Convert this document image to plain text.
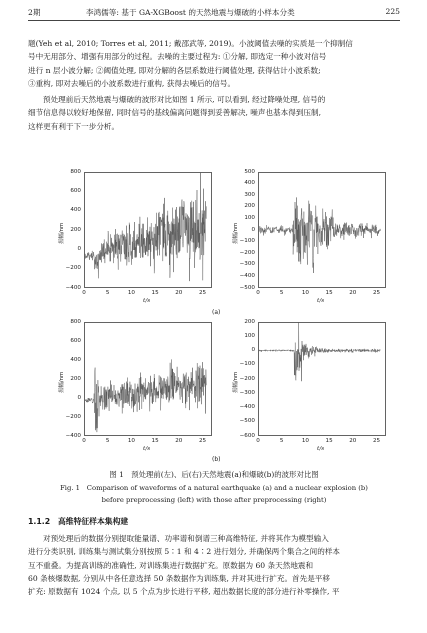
2期	李鸿儒等: 基于 GA-XGBoost 的天然地震与爆破的小样本分类	225

题(Yeh et al, 2010; Torres et al, 2011; 戴邵武等, 2019)。小波阈值去噪的实质是一个抑制信
号中无用部分、增强有用部分的过程。去噪的主要过程为: ①分解, 即选定一种小波对信号
进行 n 层小波分解; ②阈值处理, 即对分解的各层系数进行阈值处理, 获得估计小波系数;
③重构, 即对去噪后的小波系数进行重构, 获得去噪后的信号。

预处理前后天然地震与爆破的波形对比如图 1 所示, 可以看到, 经过降噪处理, 信号的
细节信息得以较好地保留, 同时信号的基线偏离问题得到妥善解决, 噪声也基本得到压制,
这样更有利于下一步分析。

800
600
400
200
0
−200
−400
0	5	10	15	20	25
t/s
振幅/nm
500
400
300
200
100
0
−100
−200
−300
−400
−500
0	5	10	15	20	25
t/s
振幅/nm
800
600
400
200
0
−200
−400
0	5	10	15	20	25
t/s
振幅/nm
200
100
0
−100
−200
−300
−400
−500
−600
0	5	10	15	20	25
t/s
振幅/nm
(a)
(b)
图 1　预处理前(左)、后(右)天然地震(a)和爆破(b)的波形对比图
Fig. 1　Comparison of waveforms of a natural earthquake (a) and a nuclear explosion (b)
before preprocessing (left) with those after preprocessing (right)
1.1.2　高维特征样本集构建

对预处理后的数据分别提取能量谱、功率谱和倒谱三种高维特征, 并将其作为模型输入
进行分类识别, 训练集与测试集分别按照 5∶1 和 4∶2 进行划分, 并确保两个集合之间的样本
互不重叠。为提高训练的准确性, 对训练集进行数据扩充。原数据为 60 条天然地震和
60 条核爆数据, 分别从中各任意选择 50 条数据作为训练集, 并对其进行扩充。首先是平移
扩充: 原数据有 1024 个点, 以 5 个点为步长进行平移, 超出数据长度的部分进行补零操作, 平
